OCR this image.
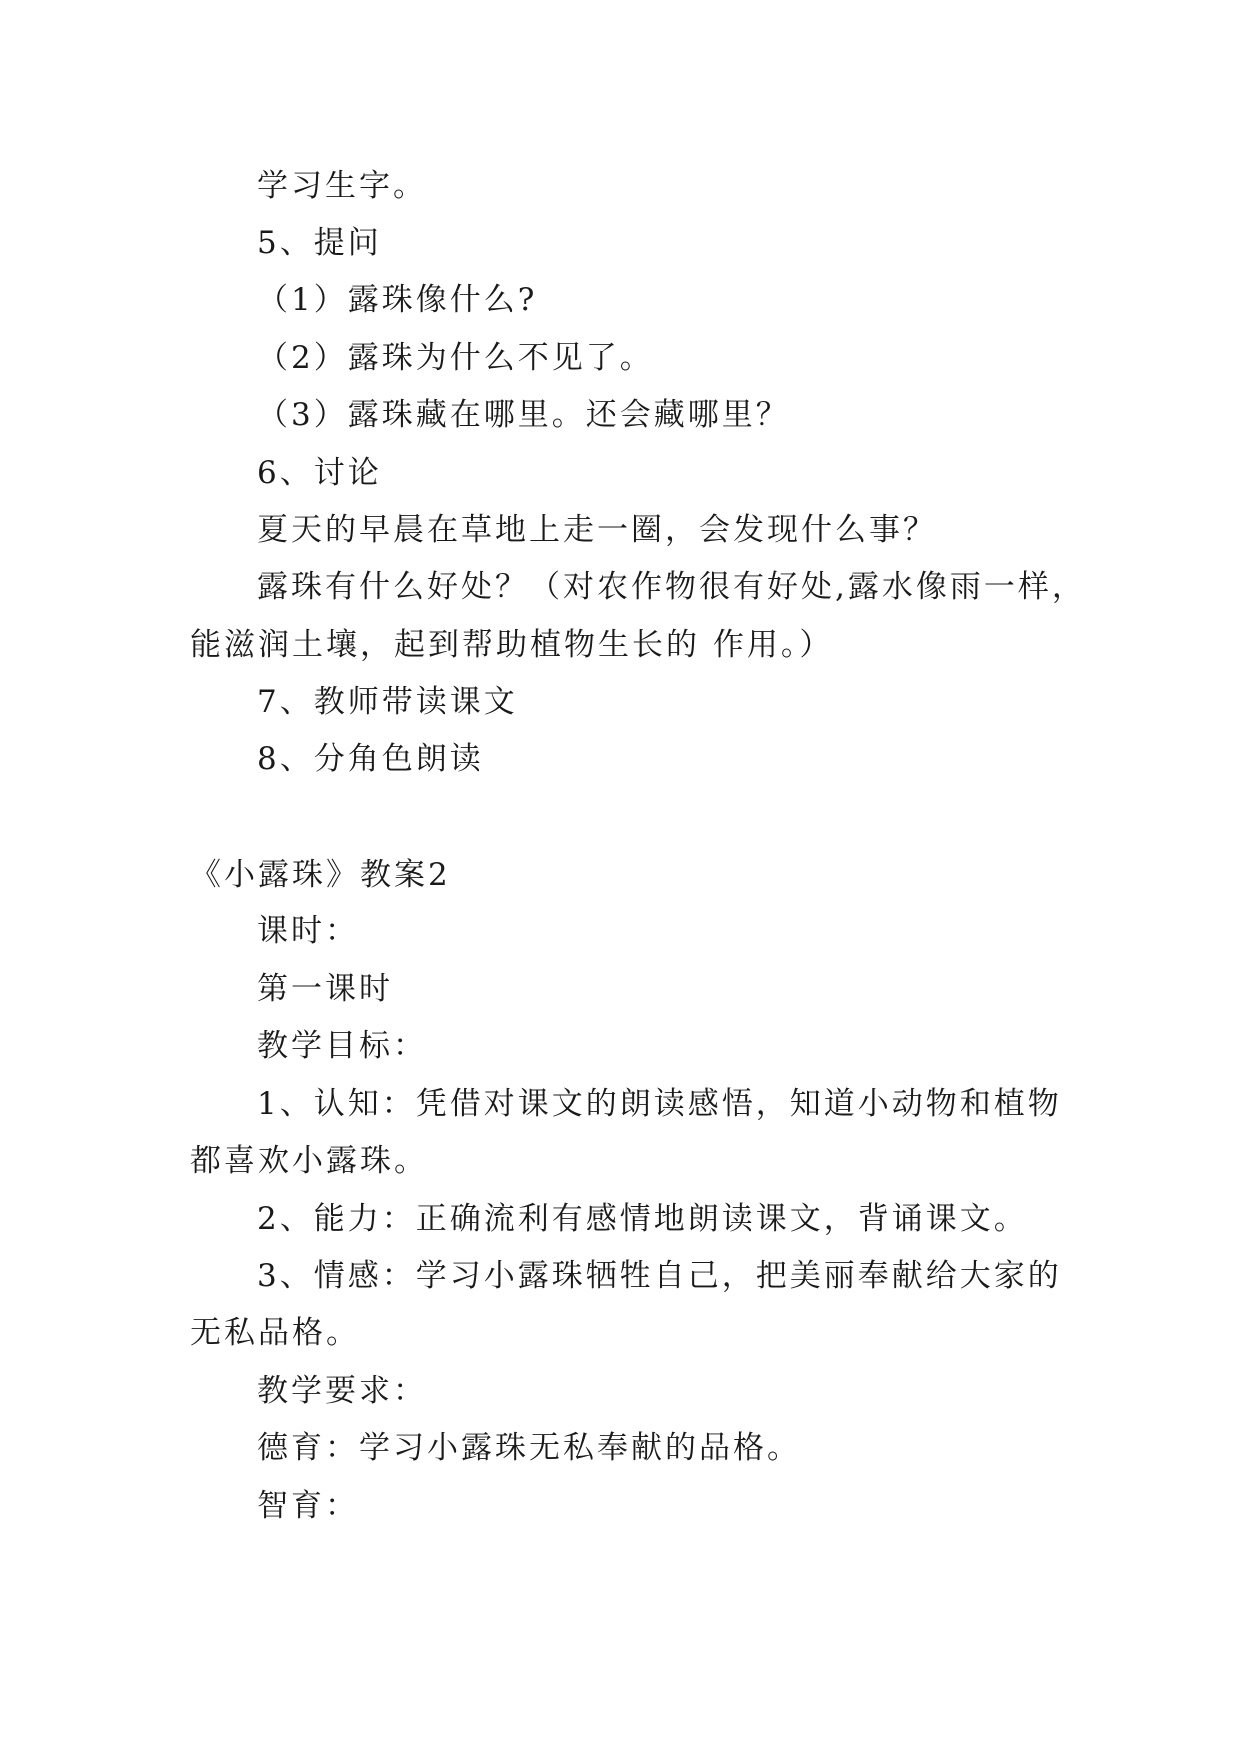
学习生字。
5、提问
（1）露珠像什么?
（2）露珠为什么不见了。
（3）露珠藏在哪里。还会藏哪里？
6、讨论
夏天的早晨在草地上走一圈，会发现什么事？
露珠有什么好处？（对农作物很有好处,露水像雨一样，
能滋润土壤，起到帮助植物生长的 作用。）
7、教师带读课文
8、分角色朗读
《小露珠》教案2
课时：
第一课时
教学目标：
1、认知：凭借对课文的朗读感悟，知道小动物和植物
都喜欢小露珠。
2、能力：正确流利有感情地朗读课文，背诵课文。
3、情感：学习小露珠牺牲自己，把美丽奉献给大家的
无私品格。
教学要求：
德育：学习小露珠无私奉献的品格。
智育：
